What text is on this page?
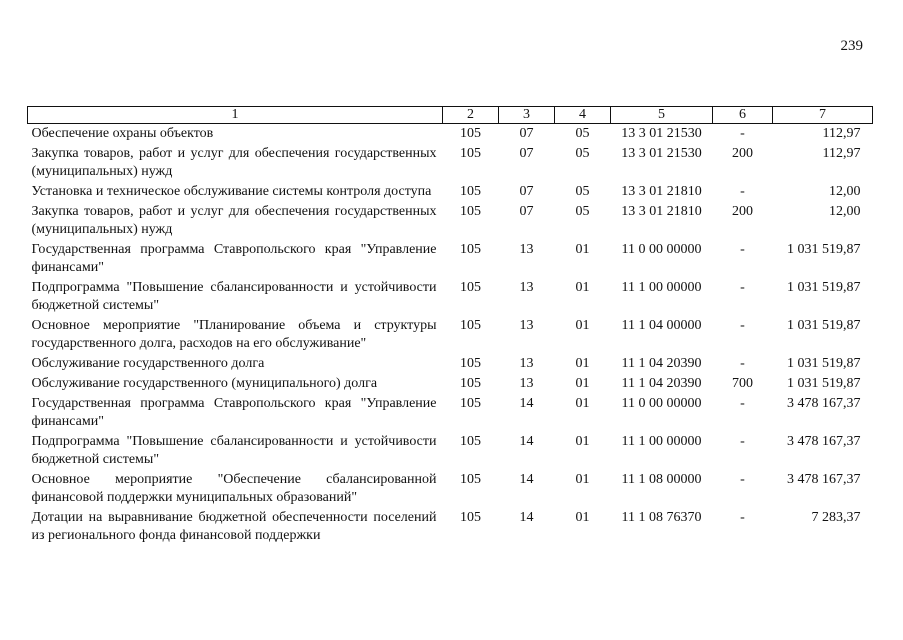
239
1	2	3	4	5	6	7
Обеспечение охраны объектов	105	07	05	13 3 01 21530	-	112,97
Закупка товаров, работ и услуг для обеспечения государственных (муниципальных) нужд	105	07	05	13 3 01 21530	200	112,97
Установка и техническое обслуживание системы контроля доступа	105	07	05	13 3 01 21810	-	12,00
Закупка товаров, работ и услуг для обеспечения государственных (муниципальных) нужд	105	07	05	13 3 01 21810	200	12,00
Государственная программа Ставропольского края "Управление финансами"	105	13	01	11 0 00 00000	-	1 031 519,87
Подпрограмма "Повышение сбалансированности и устойчивости бюджетной системы"	105	13	01	11 1 00 00000	-	1 031 519,87
Основное мероприятие "Планирование объема и структуры государственного долга, расходов на его обслуживание"	105	13	01	11 1 04 00000	-	1 031 519,87
Обслуживание государственного долга	105	13	01	11 1 04 20390	-	1 031 519,87
Обслуживание государственного (муниципального) долга	105	13	01	11 1 04 20390	700	1 031 519,87
Государственная программа Ставропольского края "Управление финансами"	105	14	01	11 0 00 00000	-	3 478 167,37
Подпрограмма "Повышение сбалансированности и устойчивости бюджетной системы"	105	14	01	11 1 00 00000	-	3 478 167,37
Основное мероприятие "Обеспечение сбалансированной финансовой поддержки муниципальных образований"	105	14	01	11 1 08 00000	-	3 478 167,37
Дотации на выравнивание бюджетной обеспеченности поселений из регионального фонда финансовой поддержки	105	14	01	11 1 08 76370	-	7 283,37
